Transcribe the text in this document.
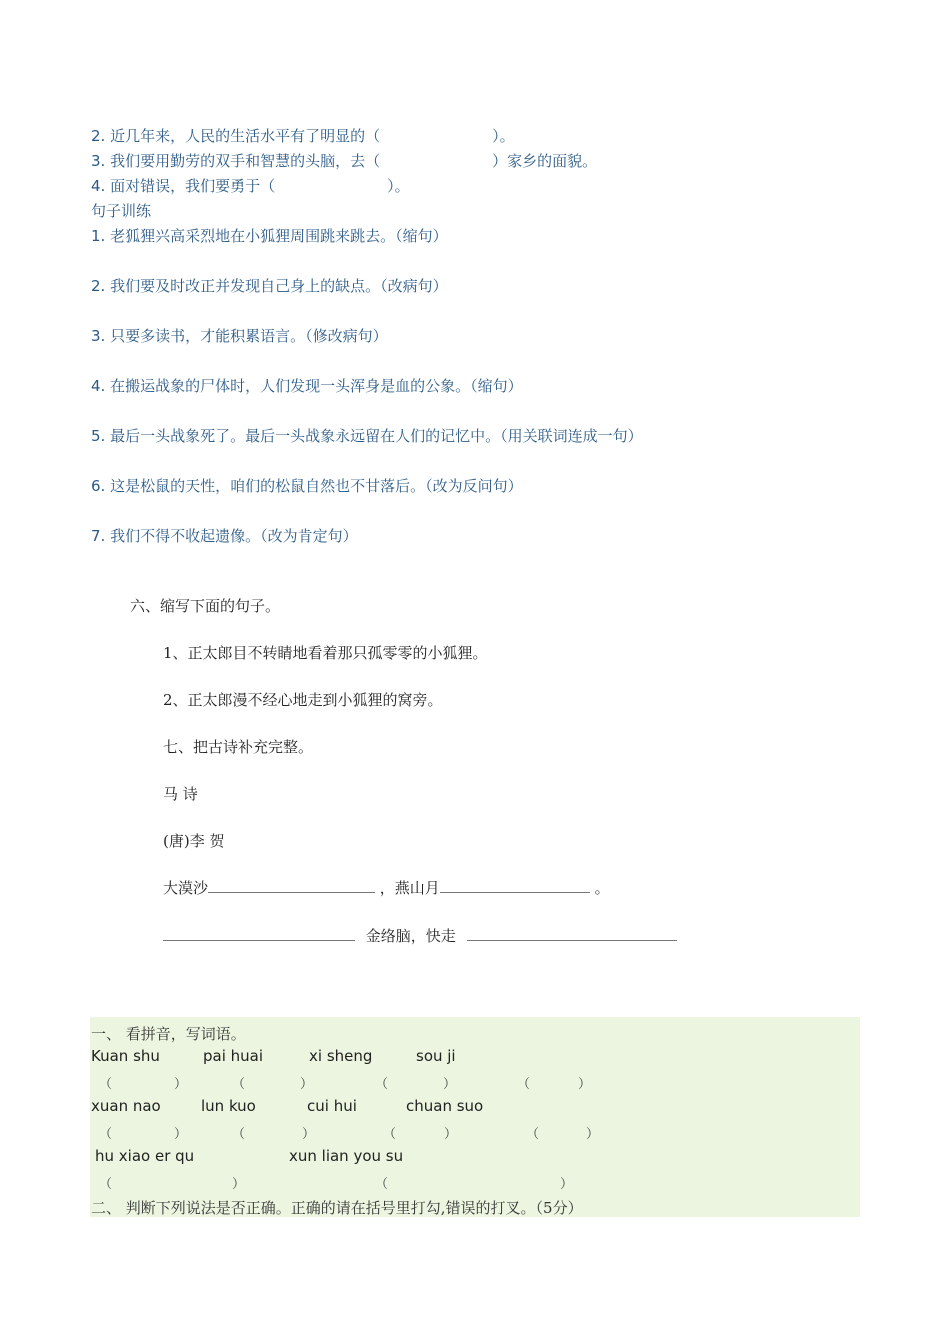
2. 近几年来，人民的生活水平有了明显的（	）。
3. 我们要用勤劳的双手和智慧的头脑，去（	）家乡的面貌。
4. 面对错误，我们要勇于（	）。
句子训练
1. 老狐狸兴高采烈地在小狐狸周围跳来跳去。（缩句）
2. 我们要及时改正并发现自己身上的缺点。（改病句）
3. 只要多读书，才能积累语言。（修改病句）
4. 在搬运战象的尸体时，人们发现一头浑身是血的公象。（缩句）
5. 最后一头战象死了。最后一头战象永远留在人们的记忆中。（用关联词连成一句）
6. 这是松鼠的天性，咱们的松鼠自然也不甘落后。（改为反问句）
7. 我们不得不收起遗像。（改为肯定句）
六、缩写下面的句子。
1、正太郎目不转睛地看着那只孤零零的小狐狸。
2、正太郎漫不经心地走到小狐狸的窝旁。
七、把古诗补充完整。
马 诗
(唐)李 贺
大漠沙	，燕山月	。
金络脑，快走
一、 看拼音，写词语。
Kuan shu	pai huai	xi sheng	sou ji
（	）	（	）	（	）	（	）
xuan nao	lun kuo	cui hui	chuan suo
（	）	（	）	（	）	（	）
hu xiao er qu	xun lian you su
（	）	（	）
二、 判断下列说法是否正确。正确的请在括号里打勾,错误的打叉。（5分）
